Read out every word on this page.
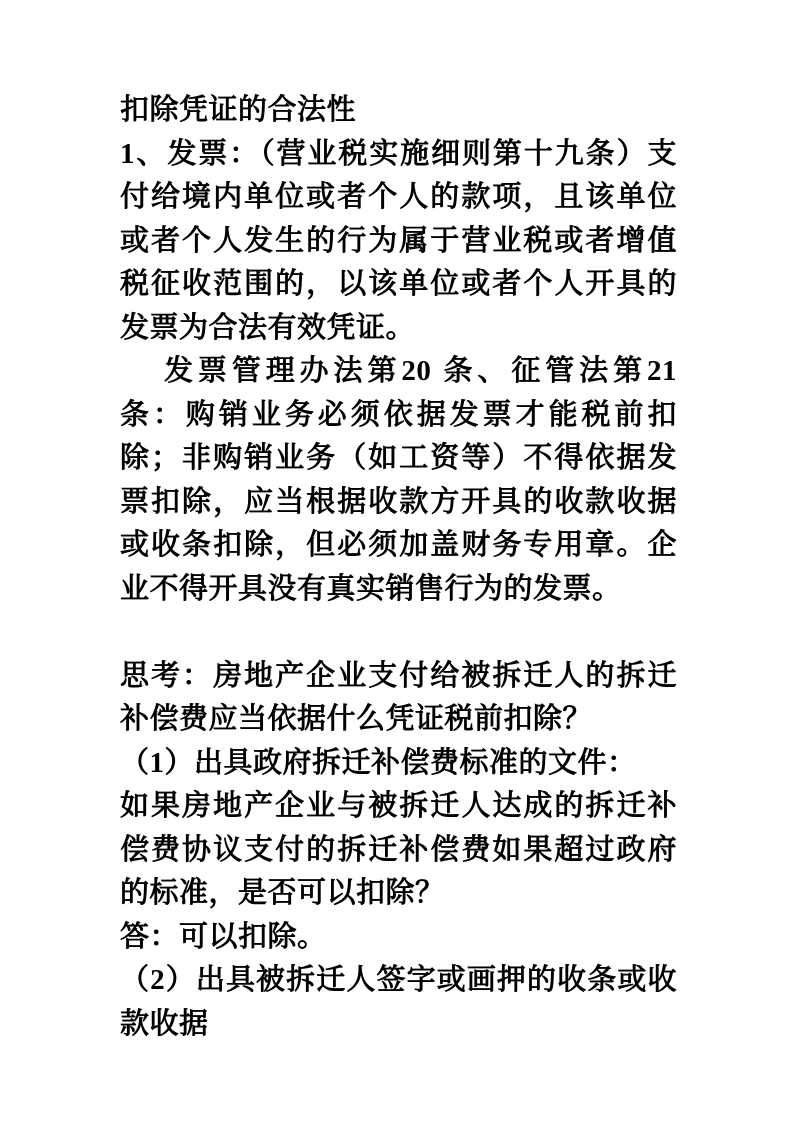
扣除凭证的合法性
1、发票：（营业税实施细则第十九条）支付给境内单位或者个人的款项，且该单位或者个人发生的行为属于营业税或者增值税征收范围的，以该单位或者个人开具的发票为合法有效凭证。
发票管理办法第20 条、征管法第21 条：购销业务必须依据发票才能税前扣除；非购销业务（如工资等）不得依据发票扣除，应当根据收款方开具的收款收据或收条扣除，但必须加盖财务专用章。企业不得开具没有真实销售行为的发票。
思考：房地产企业支付给被拆迁人的拆迁补偿费应当依据什么凭证税前扣除？
（1）出具政府拆迁补偿费标准的文件：
如果房地产企业与被拆迁人达成的拆迁补偿费协议支付的拆迁补偿费如果超过政府的标准，是否可以扣除？
答：可以扣除。
（2）出具被拆迁人签字或画押的收条或收款收据
